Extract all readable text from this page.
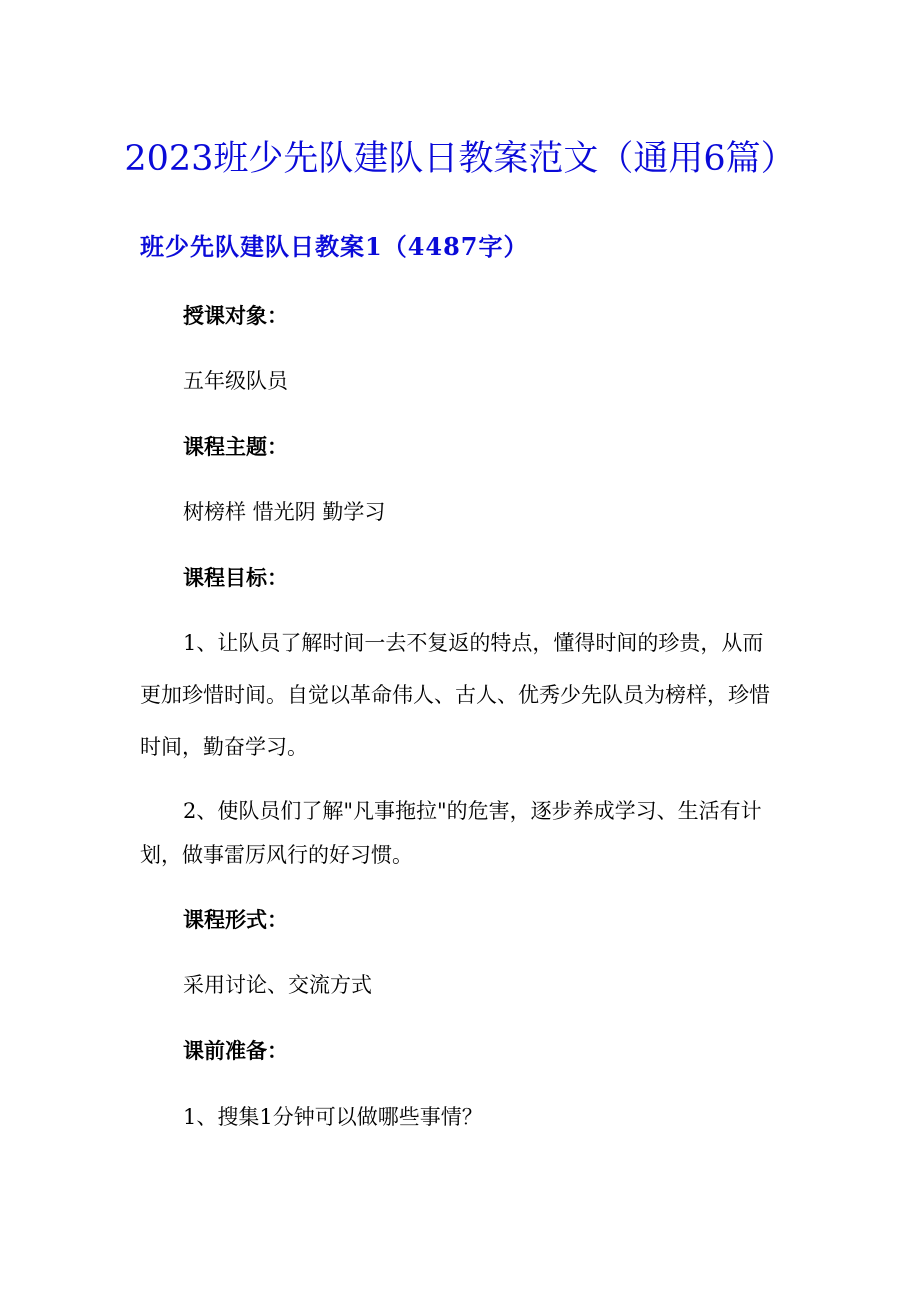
2023班少先队建队日教案范文（通用6篇）
班少先队建队日教案1（4487字）
授课对象：
五年级队员
课程主题：
树榜样 惜光阴 勤学习
课程目标：
1、让队员了解时间一去不复返的特点，懂得时间的珍贵，从而
更加珍惜时间。自觉以革命伟人、古人、优秀少先队员为榜样，珍惜
时间，勤奋学习。
2、使队员们了解"凡事拖拉"的危害，逐步养成学习、生活有计
划，做事雷厉风行的好习惯。
课程形式：
采用讨论、交流方式
课前准备：
1、搜集1分钟可以做哪些事情？
